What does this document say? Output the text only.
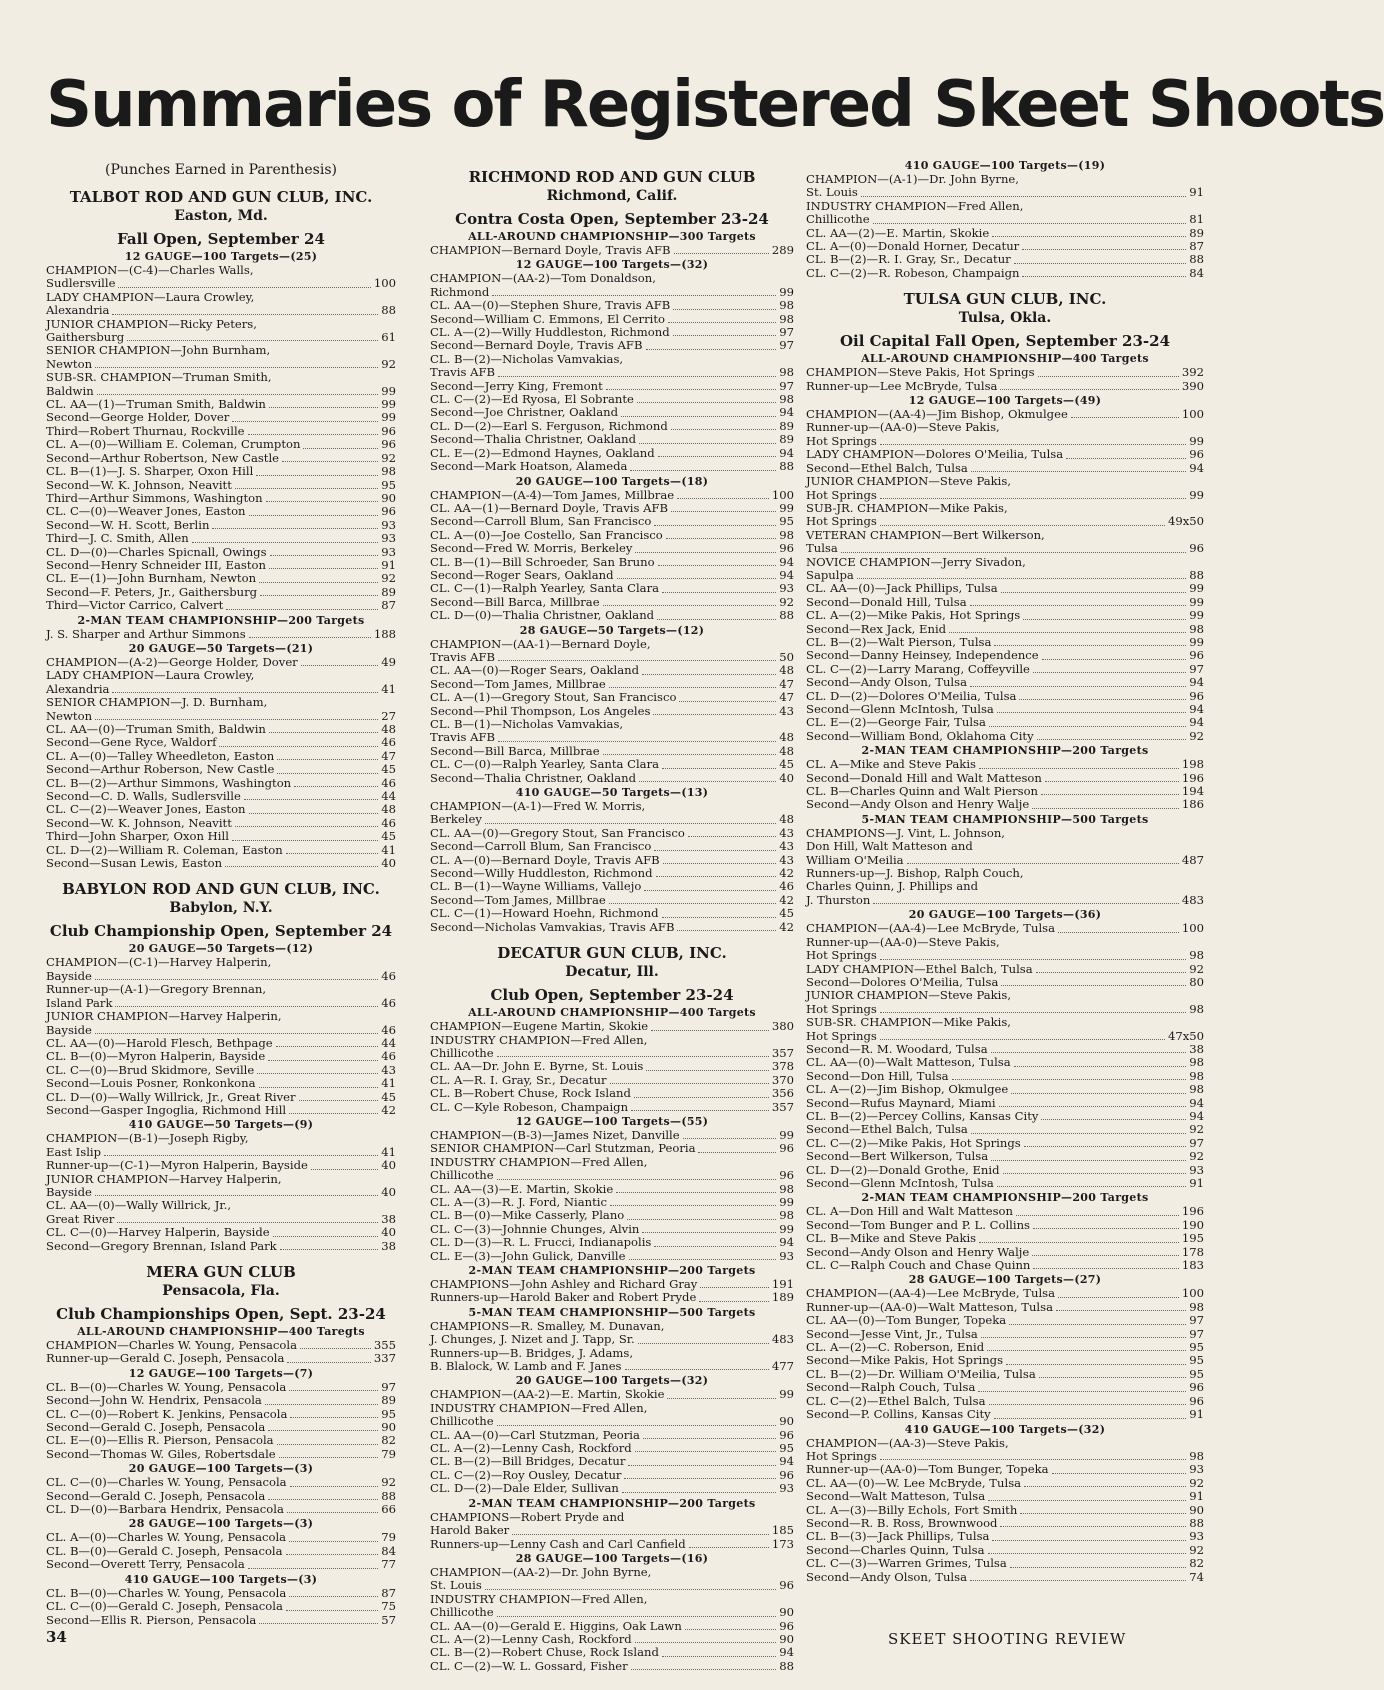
Summaries of Registered Skeet Shoots
(Punches Earned in Parenthesis)
TALBOT ROD AND GUN CLUB, INC.
Easton, Md.
Fall Open, September 24
12 GAUGE—100 Targets—(25)
CHAMPION—(C-4)—Charles Walls,
Sudlersville	100
LADY CHAMPION—Laura Crowley,
Alexandria	88
JUNIOR CHAMPION—Ricky Peters,
Gaithersburg	61
SENIOR CHAMPION—John Burnham,
Newton	92
SUB-SR. CHAMPION—Truman Smith,
Baldwin	99
CL. AA—(1)—Truman Smith, Baldwin	99
Second—George Holder, Dover	99
Third—Robert Thurnau, Rockville	96
CL. A—(0)—William E. Coleman, Crumpton	96
Second—Arthur Robertson, New Castle	92
CL. B—(1)—J. S. Sharper, Oxon Hill	98
Second—W. K. Johnson, Neavitt	95
Third—Arthur Simmons, Washington	90
CL. C—(0)—Weaver Jones, Easton	96
Second—W. H. Scott, Berlin	93
Third—J. C. Smith, Allen	93
CL. D—(0)—Charles Spicnall, Owings	93
Second—Henry Schneider III, Easton	91
CL. E—(1)—John Burnham, Newton	92
Second—F. Peters, Jr., Gaithersburg	89
Third—Victor Carrico, Calvert	87
2-MAN TEAM CHAMPIONSHIP—200 Targets
J. S. Sharper and Arthur Simmons	188
20 GAUGE—50 Targets—(21)
CHAMPION—(A-2)—George Holder, Dover	49
LADY CHAMPION—Laura Crowley,
Alexandria	41
SENIOR CHAMPION—J. D. Burnham,
Newton	27
CL. AA—(0)—Truman Smith, Baldwin	48
Second—Gene Ryce, Waldorf	46
CL. A—(0)—Talley Wheedleton, Easton	47
Second—Arthur Roberson, New Castle	45
CL. B—(2)—Arthur Simmons, Washington	46
Second—C. D. Walls, Sudlersville	44
CL. C—(2)—Weaver Jones, Easton	48
Second—W. K. Johnson, Neavitt	46
Third—John Sharper, Oxon Hill	45
CL. D—(2)—William R. Coleman, Easton	41
Second—Susan Lewis, Easton	40
BABYLON ROD AND GUN CLUB, INC.
Babylon, N.Y.
Club Championship Open, September 24
20 GAUGE—50 Targets—(12)
CHAMPION—(C-1)—Harvey Halperin,
Bayside	46
Runner-up—(A-1)—Gregory Brennan,
Island Park	46
JUNIOR CHAMPION—Harvey Halperin,
Bayside	46
CL. AA—(0)—Harold Flesch, Bethpage	44
CL. B—(0)—Myron Halperin, Bayside	46
CL. C—(0)—Brud Skidmore, Seville	43
Second—Louis Posner, Ronkonkona	41
CL. D—(0)—Wally Willrick, Jr., Great River	45
Second—Gasper Ingoglia, Richmond Hill	42
410 GAUGE—50 Targets—(9)
CHAMPION—(B-1)—Joseph Rigby,
East Islip	41
Runner-up—(C-1)—Myron Halperin, Bayside	40
JUNIOR CHAMPION—Harvey Halperin,
Bayside	40
CL. AA—(0)—Wally Willrick, Jr.,
Great River	38
CL. C—(0)—Harvey Halperin, Bayside	40
Second—Gregory Brennan, Island Park	38
MERA GUN CLUB
Pensacola, Fla.
Club Championships Open, Sept. 23-24
ALL-AROUND CHAMPIONSHIP—400 Taregts
CHAMPION—Charles W. Young, Pensacola	355
Runner-up—Gerald C. Joseph, Pensacola	337
12 GAUGE—100 Targets—(7)
CL. B—(0)—Charles W. Young, Pensacola	97
Second—John W. Hendrix, Pensacola	89
CL. C—(0)—Robert K. Jenkins, Pensacola	95
Second—Gerald C. Joseph, Pensacola	90
CL. E—(0)—Ellis R. Pierson, Pensacola	82
Second—Thomas W. Giles, Robertsdale	79
20 GAUGE—100 Targets—(3)
CL. C—(0)—Charles W. Young, Pensacola	92
Second—Gerald C. Joseph, Pensacola	88
CL. D—(0)—Barbara Hendrix, Pensacola	66
28 GAUGE—100 Targets—(3)
CL. A—(0)—Charles W. Young, Pensacola	79
CL. B—(0)—Gerald C. Joseph, Pensacola	84
Second—Overett Terry, Pensacola	77
410 GAUGE—100 Targets—(3)
CL. B—(0)—Charles W. Young, Pensacola	87
CL. C—(0)—Gerald C. Joseph, Pensacola	75
Second—Ellis R. Pierson, Pensacola	57
RICHMOND ROD AND GUN CLUB
Richmond, Calif.
Contra Costa Open, September 23-24
ALL-AROUND CHAMPIONSHIP—300 Targets
CHAMPION—Bernard Doyle, Travis AFB	289
12 GAUGE—100 Targets—(32)
CHAMPION—(AA-2)—Tom Donaldson,
Richmond	99
CL. AA—(0)—Stephen Shure, Travis AFB	98
Second—William C. Emmons, El Cerrito	98
CL. A—(2)—Willy Huddleston, Richmond	97
Second—Bernard Doyle, Travis AFB	97
CL. B—(2)—Nicholas Vamvakias,
Travis AFB	98
Second—Jerry King, Fremont	97
CL. C—(2)—Ed Ryosa, El Sobrante	98
Second—Joe Christner, Oakland	94
CL. D—(2)—Earl S. Ferguson, Richmond	89
Second—Thalia Christner, Oakland	89
CL. E—(2)—Edmond Haynes, Oakland	94
Second—Mark Hoatson, Alameda	88
20 GAUGE—100 Targets—(18)
CHAMPION—(A-4)—Tom James, Millbrae	100
CL. AA—(1)—Bernard Doyle, Travis AFB	99
Second—Carroll Blum, San Francisco	95
CL. A—(0)—Joe Costello, San Francisco	98
Second—Fred W. Morris, Berkeley	96
CL. B—(1)—Bill Schroeder, San Bruno	94
Second—Roger Sears, Oakland	94
CL. C—(1)—Ralph Yearley, Santa Clara	93
Second—Bill Barca, Millbrae	92
CL. D—(0)—Thalia Christner, Oakland	88
28 GAUGE—50 Targets—(12)
CHAMPION—(AA-1)—Bernard Doyle,
Travis AFB	50
CL. AA—(0)—Roger Sears, Oakland	48
Second—Tom James, Millbrae	47
CL. A—(1)—Gregory Stout, San Francisco	47
Second—Phil Thompson, Los Angeles	43
CL. B—(1)—Nicholas Vamvakias,
Travis AFB	48
Second—Bill Barca, Millbrae	48
CL. C—(0)—Ralph Yearley, Santa Clara	45
Second—Thalia Christner, Oakland	40
410 GAUGE—50 Targets—(13)
CHAMPION—(A-1)—Fred W. Morris,
Berkeley	48
CL. AA—(0)—Gregory Stout, San Francisco	43
Second—Carroll Blum, San Francisco	43
CL. A—(0)—Bernard Doyle, Travis AFB	43
Second—Willy Huddleston, Richmond	42
CL. B—(1)—Wayne Williams, Vallejo	46
Second—Tom James, Millbrae	42
CL. C—(1)—Howard Hoehn, Richmond	45
Second—Nicholas Vamvakias, Travis AFB	42
DECATUR GUN CLUB, INC.
Decatur, Ill.
Club Open, September 23-24
ALL-AROUND CHAMPIONSHIP—400 Targets
CHAMPION—Eugene Martin, Skokie	380
INDUSTRY CHAMPION—Fred Allen,
Chillicothe	357
CL. AA—Dr. John E. Byrne, St. Louis	378
CL. A—R. I. Gray, Sr., Decatur	370
CL. B—Robert Chuse, Rock Island	356
CL. C—Kyle Robeson, Champaign	357
12 GAUGE—100 Targets—(55)
CHAMPION—(B-3)—James Nizet, Danville	99
SENIOR CHAMPION—Carl Stutzman, Peoria	96
INDUSTRY CHAMPION—Fred Allen,
Chillicothe	96
CL. AA—(3)—E. Martin, Skokie	98
CL. A—(3)—R. J. Ford, Niantic	99
CL. B—(0)—Mike Casserly, Plano	98
CL. C—(3)—Johnnie Chunges, Alvin	99
CL. D—(3)—R. L. Frucci, Indianapolis	94
CL. E—(3)—John Gulick, Danville	93
2-MAN TEAM CHAMPIONSHIP—200 Targets
CHAMPIONS—John Ashley and Richard Gray	191
Runners-up—Harold Baker and Robert Pryde	189
5-MAN TEAM CHAMPIONSHIP—500 Targets
CHAMPIONS—R. Smalley, M. Dunavan,
J. Chunges, J. Nizet and J. Tapp, Sr.	483
Runners-up—B. Bridges, J. Adams,
B. Blalock, W. Lamb and F. Janes	477
20 GAUGE—100 Targets—(32)
CHAMPION—(AA-2)—E. Martin, Skokie	99
INDUSTRY CHAMPION—Fred Allen,
Chillicothe	90
CL. AA—(0)—Carl Stutzman, Peoria	96
CL. A—(2)—Lenny Cash, Rockford	95
CL. B—(2)—Bill Bridges, Decatur	94
CL. C—(2)—Roy Ousley, Decatur	96
CL. D—(2)—Dale Elder, Sullivan	93
2-MAN TEAM CHAMPIONSHIP—200 Targets
CHAMPIONS—Robert Pryde and
Harold Baker	185
Runners-up—Lenny Cash and Carl Canfield	173
28 GAUGE—100 Targets—(16)
CHAMPION—(AA-2)—Dr. John Byrne,
St. Louis	96
INDUSTRY CHAMPION—Fred Allen,
Chillicothe	90
CL. AA—(0)—Gerald E. Higgins, Oak Lawn	96
CL. A—(2)—Lenny Cash, Rockford	90
CL. B—(2)—Robert Chuse, Rock Island	94
CL. C—(2)—W. L. Gossard, Fisher	88
410 GAUGE—100 Targets—(19)
CHAMPION—(A-1)—Dr. John Byrne,
St. Louis	91
INDUSTRY CHAMPION—Fred Allen,
Chillicothe	81
CL. AA—(2)—E. Martin, Skokie	89
CL. A—(0)—Donald Horner, Decatur	87
CL. B—(2)—R. I. Gray, Sr., Decatur	88
CL. C—(2)—R. Robeson, Champaign	84
TULSA GUN CLUB, INC.
Tulsa, Okla.
Oil Capital Fall Open, September 23-24
ALL-AROUND CHAMPIONSHIP—400 Targets
CHAMPION—Steve Pakis, Hot Springs	392
Runner-up—Lee McBryde, Tulsa	390
12 GAUGE—100 Targets—(49)
CHAMPION—(AA-4)—Jim Bishop, Okmulgee	100
Runner-up—(AA-0)—Steve Pakis,
Hot Springs	99
LADY CHAMPION—Dolores O'Meilia, Tulsa	96
Second—Ethel Balch, Tulsa	94
JUNIOR CHAMPION—Steve Pakis,
Hot Springs	99
SUB-JR. CHAMPION—Mike Pakis,
Hot Springs	49x50
VETERAN CHAMPION—Bert Wilkerson,
Tulsa	96
NOVICE CHAMPION—Jerry Sivadon,
Sapulpa	88
CL. AA—(0)—Jack Phillips, Tulsa	99
Second—Donald Hill, Tulsa	99
CL. A—(2)—Mike Pakis, Hot Springs	99
Second—Rex Jack, Enid	98
CL. B—(2)—Walt Pierson, Tulsa	99
Second—Danny Heinsey, Independence	96
CL. C—(2)—Larry Marang, Coffeyville	97
Second—Andy Olson, Tulsa	94
CL. D—(2)—Dolores O'Meilia, Tulsa	96
Second—Glenn McIntosh, Tulsa	94
CL. E—(2)—George Fair, Tulsa	94
Second—William Bond, Oklahoma City	92
2-MAN TEAM CHAMPIONSHIP—200 Targets
CL. A—Mike and Steve Pakis	198
Second—Donald Hill and Walt Matteson	196
CL. B—Charles Quinn and Walt Pierson	194
Second—Andy Olson and Henry Walje	186
5-MAN TEAM CHAMPIONSHIP—500 Targets
CHAMPIONS—J. Vint, L. Johnson,
Don Hill, Walt Matteson and
William O'Meilia	487
Runners-up—J. Bishop, Ralph Couch,
Charles Quinn, J. Phillips and
J. Thurston	483
20 GAUGE—100 Targets—(36)
CHAMPION—(AA-4)—Lee McBryde, Tulsa	100
Runner-up—(AA-0)—Steve Pakis,
Hot Springs	98
LADY CHAMPION—Ethel Balch, Tulsa	92
Second—Dolores O'Meilia, Tulsa	80
JUNIOR CHAMPION—Steve Pakis,
Hot Springs	98
SUB-SR. CHAMPION—Mike Pakis,
Hot Springs	47x50
Second—R. M. Woodard, Tulsa	38
CL. AA—(0)—Walt Matteson, Tulsa	98
Second—Don Hill, Tulsa	98
CL. A—(2)—Jim Bishop, Okmulgee	98
Second—Rufus Maynard, Miami	94
CL. B—(2)—Percey Collins, Kansas City	94
Second—Ethel Balch, Tulsa	92
CL. C—(2)—Mike Pakis, Hot Springs	97
Second—Bert Wilkerson, Tulsa	92
CL. D—(2)—Donald Grothe, Enid	93
Second—Glenn McIntosh, Tulsa	91
2-MAN TEAM CHAMPIONSHIP—200 Targets
CL. A—Don Hill and Walt Matteson	196
Second—Tom Bunger and P. L. Collins	190
CL. B—Mike and Steve Pakis	195
Second—Andy Olson and Henry Walje	178
CL. C—Ralph Couch and Chase Quinn	183
28 GAUGE—100 Targets—(27)
CHAMPION—(AA-4)—Lee McBryde, Tulsa	100
Runner-up—(AA-0)—Walt Matteson, Tulsa	98
CL. AA—(0)—Tom Bunger, Topeka	97
Second—Jesse Vint, Jr., Tulsa	97
CL. A—(2)—C. Roberson, Enid	95
Second—Mike Pakis, Hot Springs	95
CL. B—(2)—Dr. William O'Meilia, Tulsa	95
Second—Ralph Couch, Tulsa	96
CL. C—(2)—Ethel Balch, Tulsa	96
Second—P. Collins, Kansas City	91
410 GAUGE—100 Targets—(32)
CHAMPION—(AA-3)—Steve Pakis,
Hot Springs	98
Runner-up—(AA-0)—Tom Bunger, Topeka	93
CL. AA—(0)—W. Lee McBryde, Tulsa	92
Second—Walt Matteson, Tulsa	91
CL. A—(3)—Billy Echols, Fort Smith	90
Second—R. B. Ross, Brownwood	88
CL. B—(3)—Jack Phillips, Tulsa	93
Second—Charles Quinn, Tulsa	92
CL. C—(3)—Warren Grimes, Tulsa	82
Second—Andy Olson, Tulsa	74
34	SKEET SHOOTING REVIEW
